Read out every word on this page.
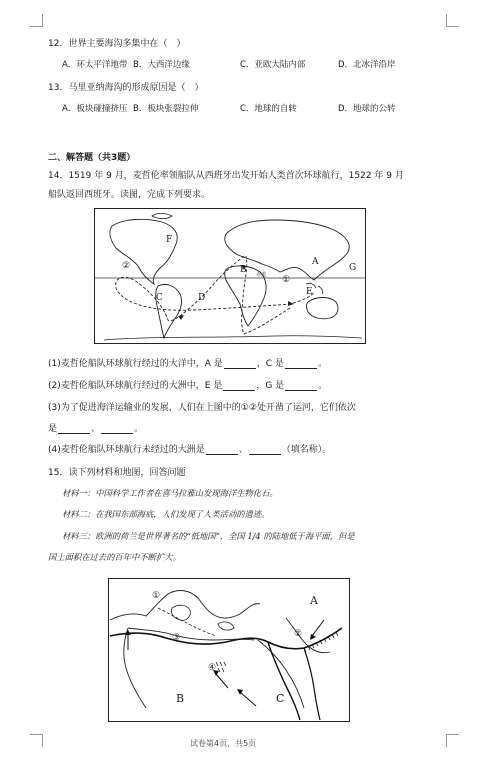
12．世界主要海沟多集中在（　）
A．环太平洋地带 B．大西洋边缘	C．亚欧大陆内部	D．北冰洋沿岸
13．马里亚纳海沟的形成原因是（　）
A．板块碰撞挤压 B．板块张裂拉伸	C．地球的自转	D．地球的公转
二、解答题（共3题）
14．1519 年 9 月，麦哲伦率领船队从西班牙出发开始人类首次环球航行，1522 年 9 月
船队返回西班牙。读图，完成下列要求。
F
B
A
G
C	D
E
②
①
赤道
(1)麦哲伦船队环球航行经过的大洋中，A 是	，C 是	。
(2)麦哲伦船队环球航行经过的大洲中，E 是	，G 是	。
(3)为了促进海洋运输业的发展，人们在上图中的①②处开凿了运河，它们依次
是	、	。
(4)麦哲伦船队环球航行未经过的大洲是	、	（填名称）。
15．读下列材料和地图，回答问题
材料一：中国科学工作者在喜马拉雅山发现海洋生物化石。
材料二：在我国东部海底，人们发现了人类活动的遗迹。
材料三：欧洲的荷兰是世界著名的“低地国”，全国 1/4 的陆地低于海平面，但是
国土面积在过去的百年中不断扩大。
A
B	C
①
②
③
④
试卷第4页，共5页
